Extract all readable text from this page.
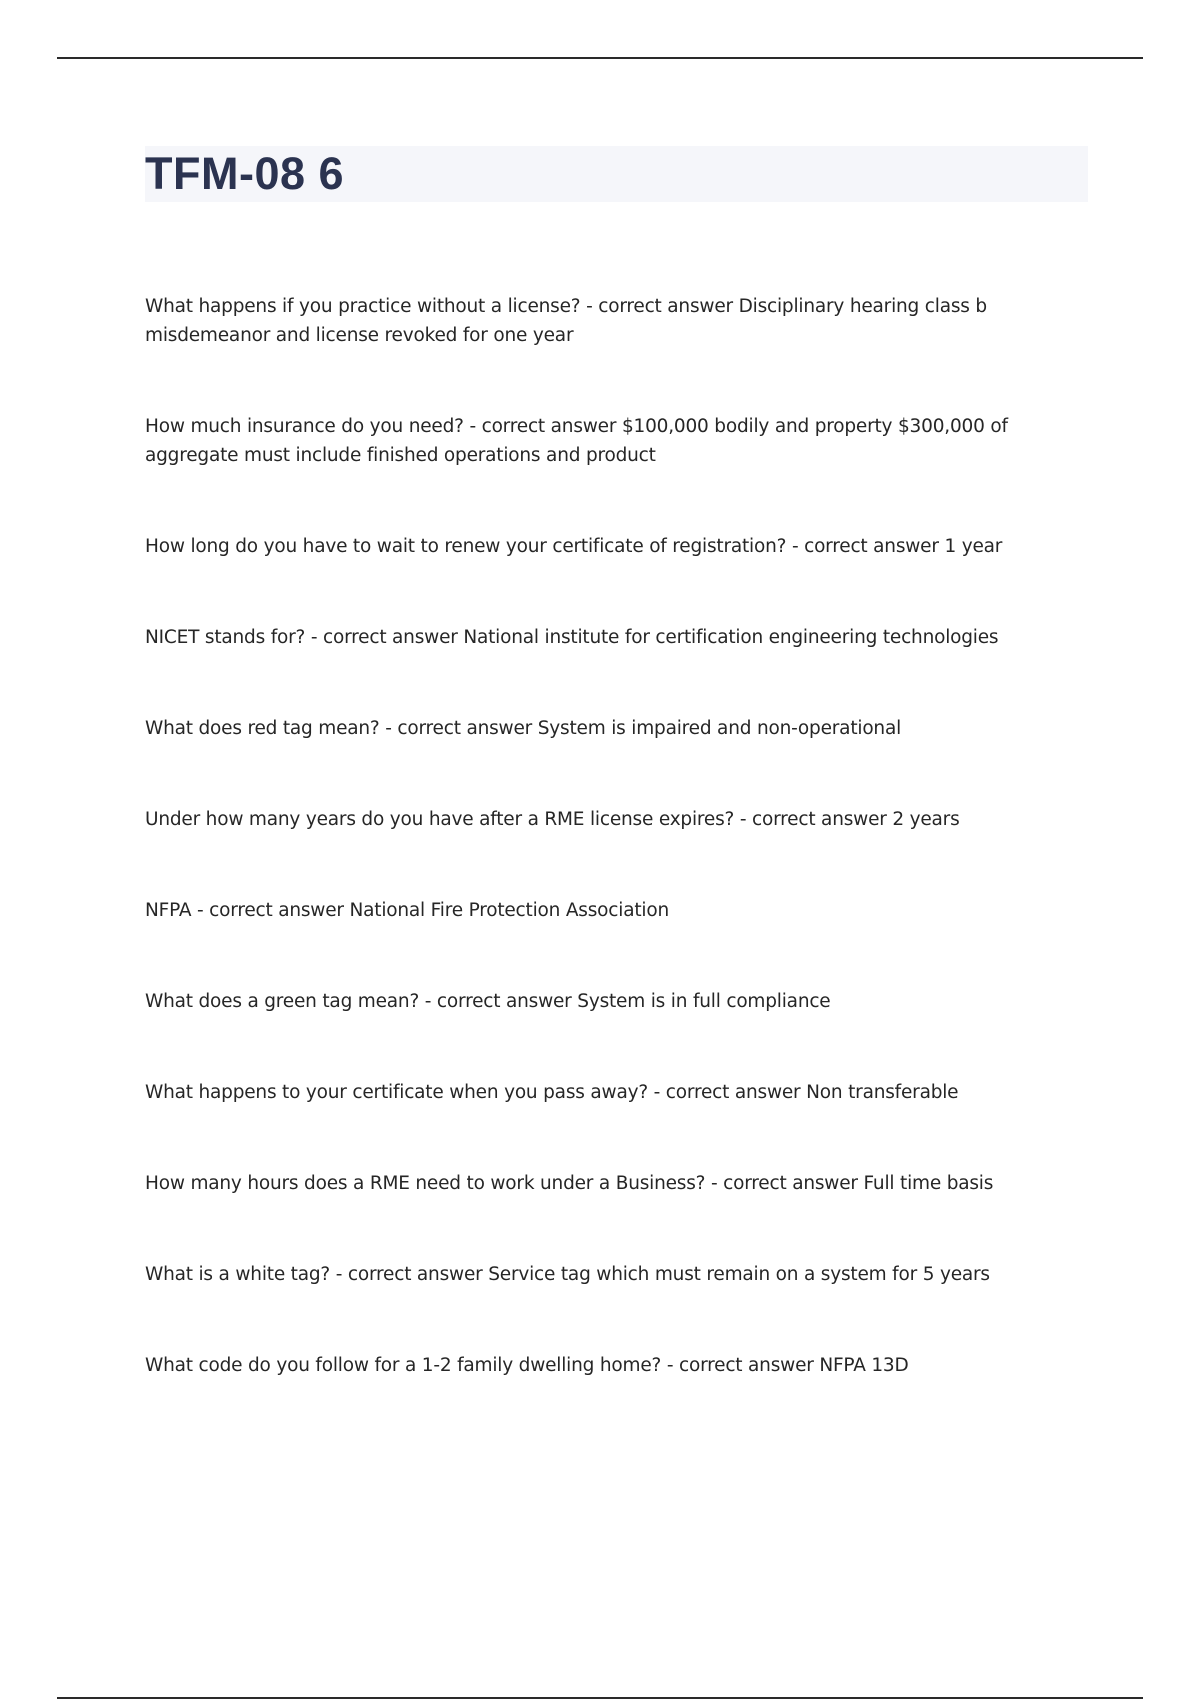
TFM-08 6
What happens if you practice without a license? - correct answer Disciplinary hearing class b misdemeanor and license revoked for one year
How much insurance do you need? - correct answer $100,000 bodily and property $300,000 of aggregate must include finished operations and product
How long do you have to wait to renew your certificate of registration? - correct answer 1 year
NICET stands for? - correct answer National institute for certification engineering technologies
What does red tag mean? - correct answer System is impaired and non-operational
Under how many years do you have after a RME license expires? - correct answer 2 years
NFPA - correct answer National Fire Protection Association
What does a green tag mean? - correct answer System is in full compliance
What happens to your certificate when you pass away? - correct answer Non transferable
How many hours does a RME need to work under a Business? - correct answer Full time basis
What is a white tag? - correct answer Service tag which must remain on a system for 5 years
What code do you follow for a 1-2 family dwelling home? - correct answer NFPA 13D
